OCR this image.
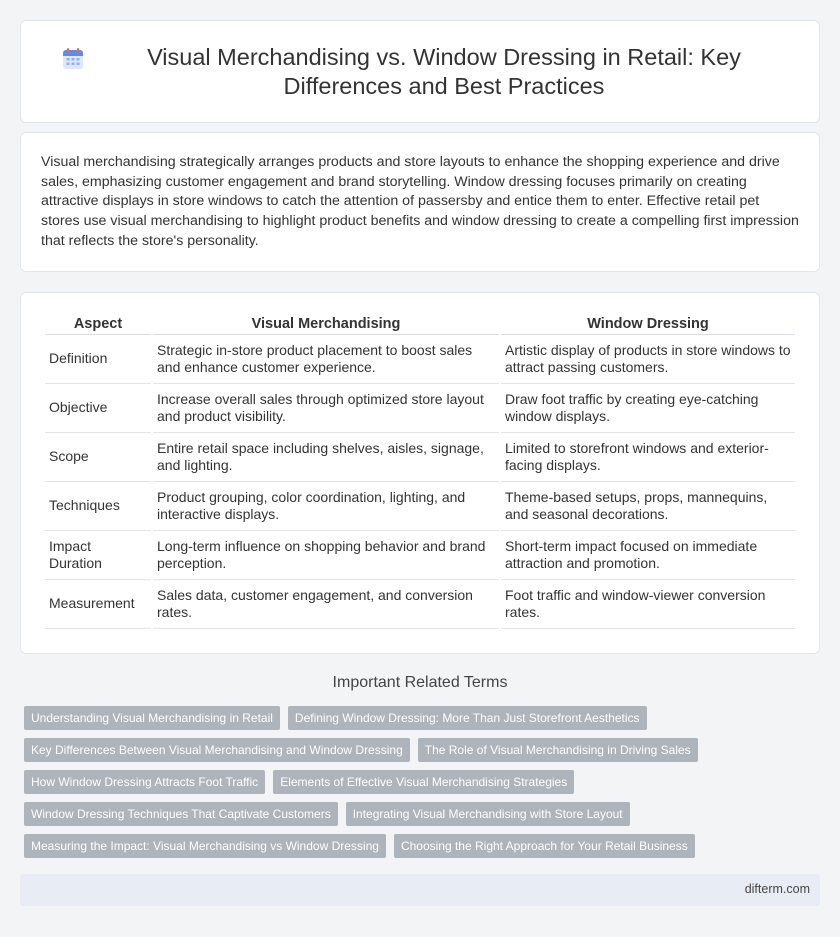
Visual Merchandising vs. Window Dressing in Retail: Key Differences and Best Practices

Visual merchandising strategically arranges products and store layouts to enhance the shopping experience and drive sales, emphasizing customer engagement and brand storytelling. Window dressing focuses primarily on creating attractive displays in store windows to catch the attention of passersby and entice them to enter. Effective retail pet stores use visual merchandising to highlight product benefits and window dressing to create a compelling first impression that reflects the store's personality.

Aspect	Visual Merchandising	Window Dressing
Definition	Strategic in-store product placement to boost sales and enhance customer experience.	Artistic display of products in store windows to attract passing customers.
Objective	Increase overall sales through optimized store layout and product visibility.	Draw foot traffic by creating eye-catching window displays.
Scope	Entire retail space including shelves, aisles, signage, and lighting.	Limited to storefront windows and exterior-facing displays.
Techniques	Product grouping, color coordination, lighting, and interactive displays.	Theme-based setups, props, mannequins, and seasonal decorations.
Impact Duration	Long-term influence on shopping behavior and brand perception.	Short-term impact focused on immediate attraction and promotion.
Measurement	Sales data, customer engagement, and conversion rates.	Foot traffic and window-viewer conversion rates.
Important Related Terms
Understanding Visual Merchandising in Retail	Defining Window Dressing: More Than Just Storefront Aesthetics
Key Differences Between Visual Merchandising and Window Dressing	The Role of Visual Merchandising in Driving Sales
How Window Dressing Attracts Foot Traffic	Elements of Effective Visual Merchandising Strategies
Window Dressing Techniques That Captivate Customers	Integrating Visual Merchandising with Store Layout
Measuring the Impact: Visual Merchandising vs Window Dressing	Choosing the Right Approach for Your Retail Business
difterm.com
